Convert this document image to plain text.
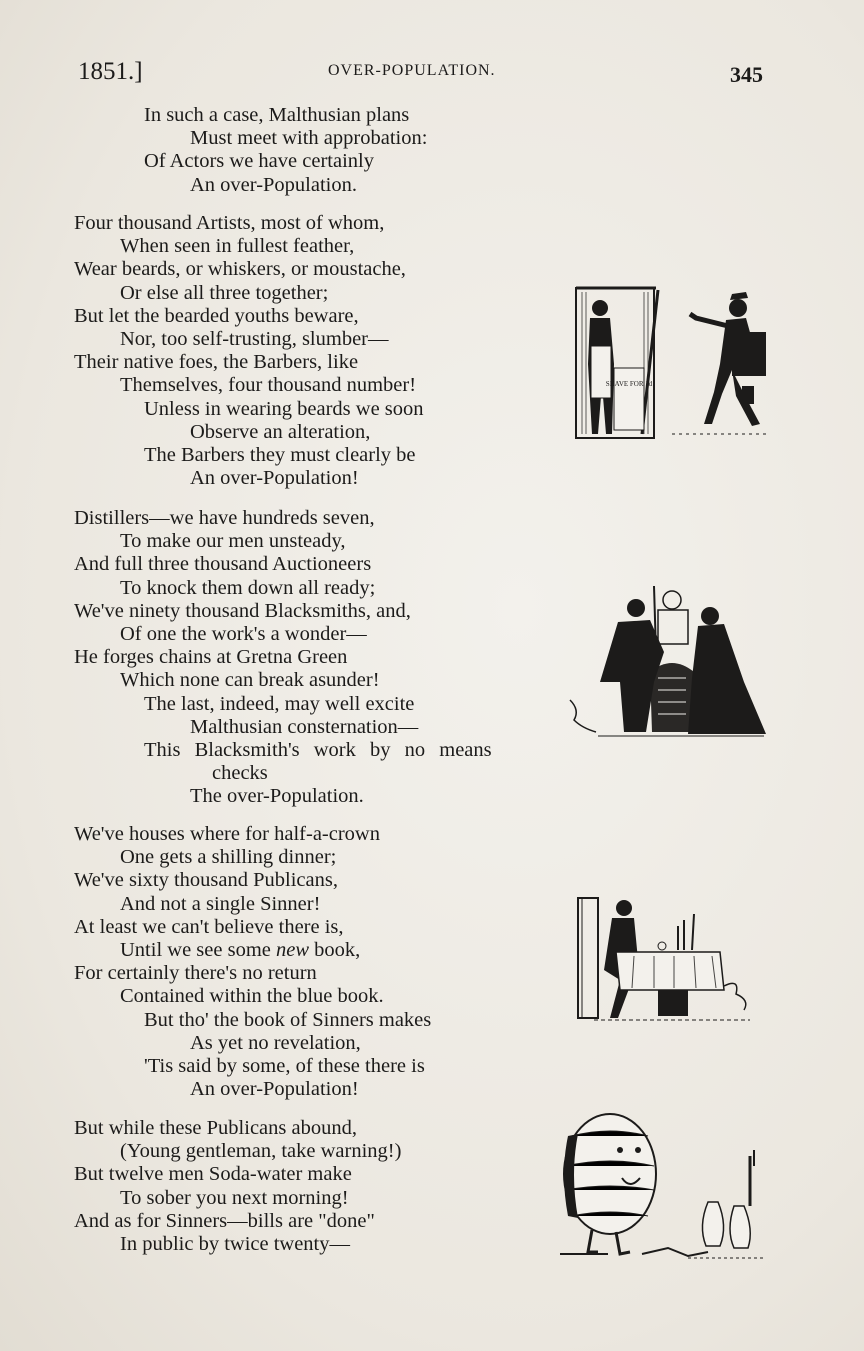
1851.]	OVER-POPULATION.	345
In such a case, Malthusian plans
Must meet with approbation:
Of Actors we have certainly
An over-Population.
Four thousand Artists, most of whom,
When seen in fullest feather,
Wear beards, or whiskers, or moustache,
Or else all three together;
But let the bearded youths beware,
Nor, too self-trusting, slumber—
Their native foes, the Barbers, like
Themselves, four thousand number!
Unless in wearing beards we soon
Observe an alteration,
The Barbers they must clearly be
An over-Population!
Distillers—we have hundreds seven,
To make our men unsteady,
And full three thousand Auctioneers
To knock them down all ready;
We've ninety thousand Blacksmiths, and,
Of one the work's a wonder—
He forges chains at Gretna Green
Which none can break asunder!
The last, indeed, may well excite
Malthusian consternation—
This Blacksmith's work by no means
checks
The over-Population.
We've houses where for half-a-crown
One gets a shilling dinner;
We've sixty thousand Publicans,
And not a single Sinner!
At least we can't believe there is,
Until we see some new book,
For certainly there's no return
Contained within the blue book.
But tho' the book of Sinners makes
As yet no revelation,
'Tis said by some, of these there is
An over-Population!
But while these Publicans abound,
(Young gentleman, take warning!)
But twelve men Soda-water make
To sober you next morning!
And as for Sinners—bills are "done"
In public by twice twenty—
SHAVE FOR 1d
